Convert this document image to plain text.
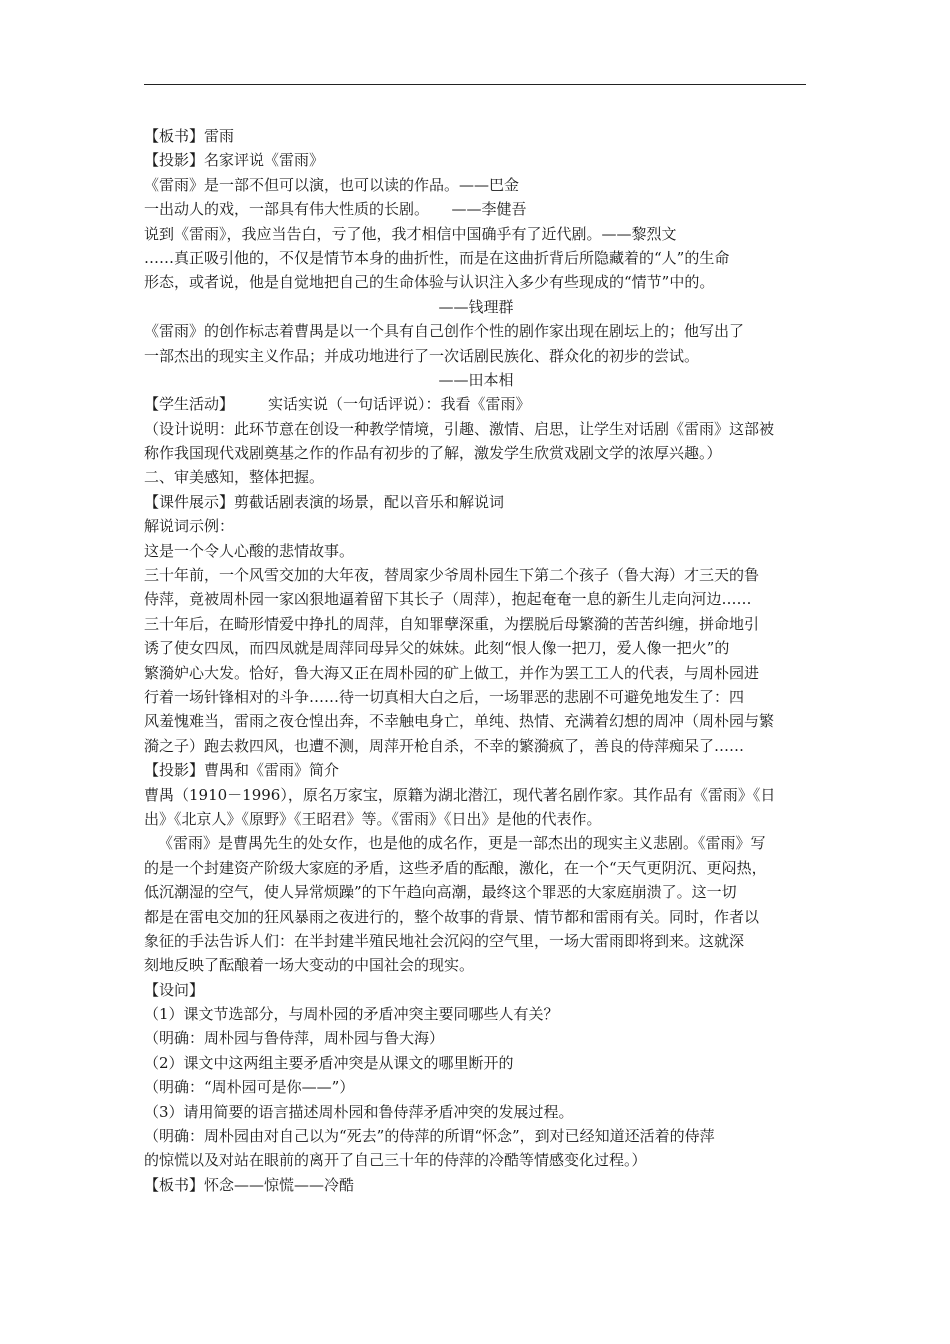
【板书】雷雨
【投影】名家评说《雷雨》
《雷雨》是一部不但可以演，也可以读的作品。——巴金
一出动人的戏，一部具有伟大性质的长剧。　　——李健吾
说到《雷雨》，我应当告白，亏了他，我才相信中国确乎有了近代剧。——黎烈文
……真正吸引他的，不仅是情节本身的曲折性，而是在这曲折背后所隐藏着的“人”的生命
形态，或者说，他是自觉地把自己的生命体验与认识注入多少有些现成的“情节”中的。
——钱理群
《雷雨》的创作标志着曹禺是以一个具有自己创作个性的剧作家出现在剧坛上的；他写出了
一部杰出的现实主义作品；并成功地进行了一次话剧民族化、群众化的初步的尝试。
——田本相
【学生活动】 实话实说（一句话评说）：我看《雷雨》
（设计说明：此环节意在创设一种教学情境，引趣、激情、启思，让学生对话剧《雷雨》这部被
称作我国现代戏剧奠基之作的作品有初步的了解，激发学生欣赏戏剧文学的浓厚兴趣。）
二、审美感知，整体把握。
【课件展示】剪截话剧表演的场景，配以音乐和解说词
解说词示例：
这是一个令人心酸的悲情故事。
三十年前，一个风雪交加的大年夜，替周家少爷周朴园生下第二个孩子（鲁大海）才三天的鲁
侍萍，竟被周朴园一家凶狠地逼着留下其长子（周萍），抱起奄奄一息的新生儿走向河边……
三十年后，在畸形情爱中挣扎的周萍，自知罪孽深重，为摆脱后母繁漪的苦苦纠缠，拼命地引
诱了使女四凤，而四凤就是周萍同母异父的妹妹。此刻“恨人像一把刀，爱人像一把火”的
繁漪妒心大发。恰好，鲁大海又正在周朴园的矿上做工，并作为罢工工人的代表，与周朴园进
行着一场针锋相对的斗争……待一切真相大白之后，一场罪恶的悲剧不可避免地发生了：四
风羞愧难当，雷雨之夜仓惶出奔，不幸触电身亡，单纯、热情、充满着幻想的周冲（周朴园与繁
漪之子）跑去救四风，也遭不测，周萍开枪自杀，不幸的繁漪疯了，善良的侍萍痴呆了……
【投影】曹禺和《雷雨》简介
曹禺（1910－1996），原名万家宝，原籍为湖北潜江，现代著名剧作家。其作品有《雷雨》《日
出》《北京人》《原野》《王昭君》等。《雷雨》《日出》是他的代表作。
《雷雨》是曹禺先生的处女作，也是他的成名作，更是一部杰出的现实主义悲剧。《雷雨》写
的是一个封建资产阶级大家庭的矛盾，这些矛盾的酝酿，激化，在一个“天气更阴沉、更闷热，
低沉潮湿的空气，使人异常烦躁”的下午趋向高潮，最终这个罪恶的大家庭崩溃了。这一切
都是在雷电交加的狂风暴雨之夜进行的，整个故事的背景、情节都和雷雨有关。同时，作者以
象征的手法告诉人们：在半封建半殖民地社会沉闷的空气里，一场大雷雨即将到来。这就深
刻地反映了酝酿着一场大变动的中国社会的现实。
【设问】
（1）课文节选部分，与周朴园的矛盾冲突主要同哪些人有关？
（明确：周朴园与鲁侍萍，周朴园与鲁大海）
（2）课文中这两组主要矛盾冲突是从课文的哪里断开的
（明确：“周朴园可是你——”）
（3）请用简要的语言描述周朴园和鲁侍萍矛盾冲突的发展过程。
（明确：周朴园由对自己以为“死去”的侍萍的所谓“怀念”，到对已经知道还活着的侍萍
的惊慌以及对站在眼前的离开了自己三十年的侍萍的冷酷等情感变化过程。）
【板书】怀念——惊慌——冷酷
